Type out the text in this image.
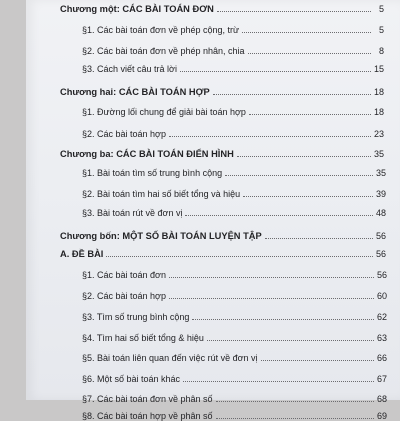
Chương một: CÁC BÀI TOÁN ĐƠN	5
§1. Các bài toán đơn về phép cộng, trừ	5
§2. Các bài toán đơn về phép nhân, chia	8
§3. Cách viết câu trả lời	15
Chương hai: CÁC BÀI TOÁN HỢP	18
§1. Đường lối chung để giải bài toán hợp	18
§2. Các bài toán hợp	23
Chương ba: CÁC BÀI TOÁN ĐIỂN HÌNH	35
§1. Bài toán tìm số trung bình cộng	35
§2. Bài toán tìm hai số biết tổng và hiệu	39
§3. Bài toán rút về đơn vị	48
Chương bốn: MỘT SỐ BÀI TOÁN LUYỆN TẬP	56
A. ĐỀ BÀI	56
§1. Các bài toán đơn	56
§2. Các bài toán hợp	60
§3. Tìm số trung bình cộng	62
§4. Tìm hai số biết tổng & hiệu	63
§5. Bài toán liên quan đến việc rút về đơn vị	66
§6. Một số bài toán khác	67
§7. Các bài toán đơn về phân số	68
§8. Các bài toán hợp về phân số	69
